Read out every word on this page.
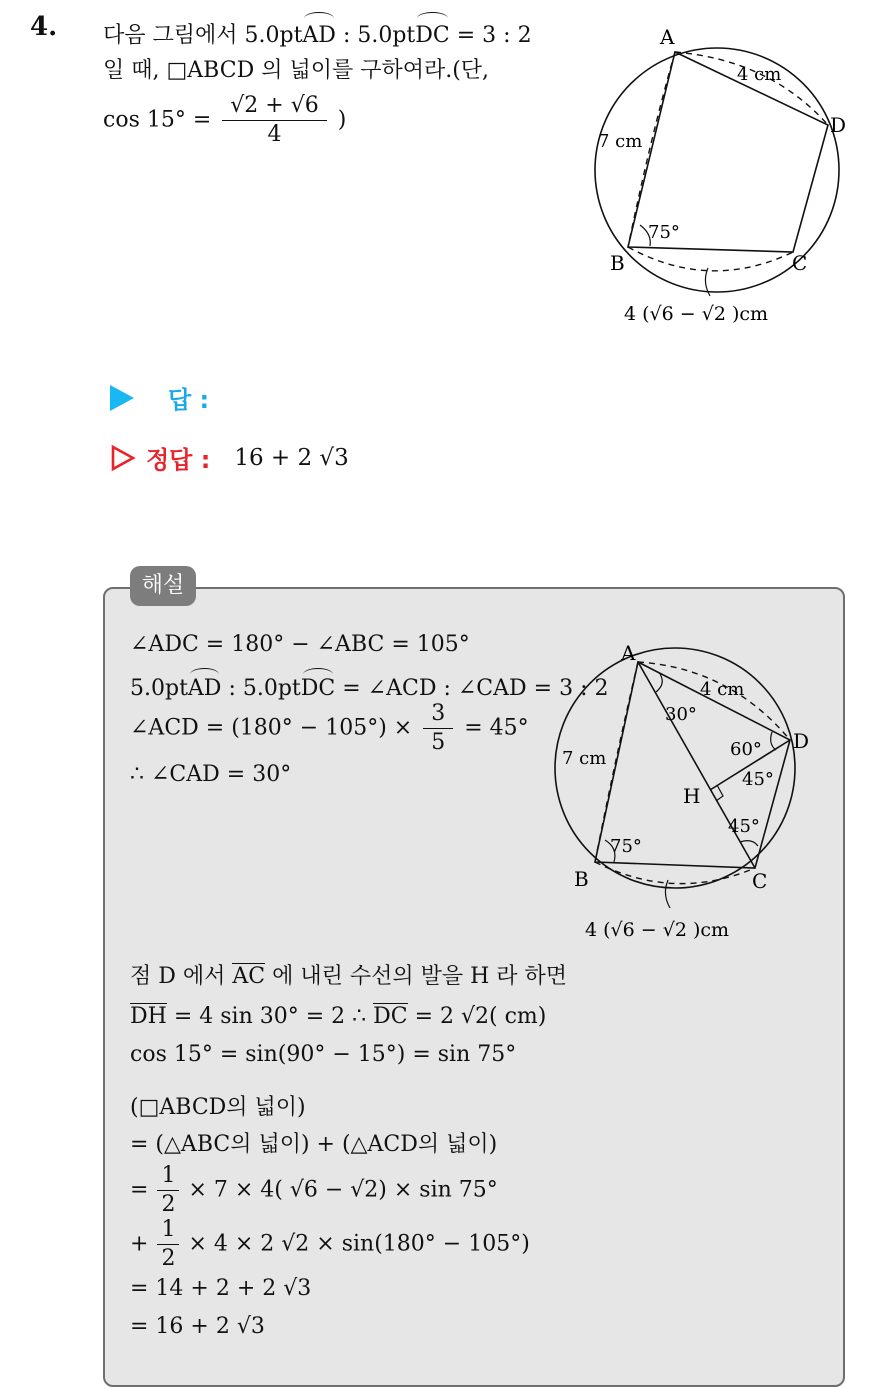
4. 다음 그림에서 5.0ptAD : 5.0ptDC = 3 : 2
일 때, □ABCD 의 넓이를 구하여라.(단,
$\cos 15^\circ = \frac{√2 + √6}{4}$ )
A
D
B	C
4 cm
7 cm
75°
4 (√6 − √2 )cm
답 :
정답 : 16 + 2 √3
해설
∠ADC = 180° − ∠ABC = 105°
5.0ptAD : 5.0ptDC = ∠ACD : ∠CAD = 3 : 2
∠ACD = $(180^\circ - 105^\circ) \times \frac{3}{5} = 45^\circ$
∴ ∠CAD = 30°
A
D
B	C
H
4 cm
7 cm
30°
60°
45°
45°
75°
4 (√6 − √2 )cm
점 D 에서 AC 에 내린 수선의 발을 H 라 하면
DH = 4 sin 30° = 2 ∴ DC = 2 √2( cm)
cos 15° = sin(90° − 15°) = sin 75°
(□ABCD의 넓이)
= (△ABC의 넓이) + (△ACD의 넓이)
= $\frac{1}{2} \times 7 \times 4$( √6 − √2) × sin 75°
+ $\frac{1}{2} \times 4 \times 2$ √2 × sin(180° − 105°)
= 14 + 2 + 2 √3
= 16 + 2 √3
